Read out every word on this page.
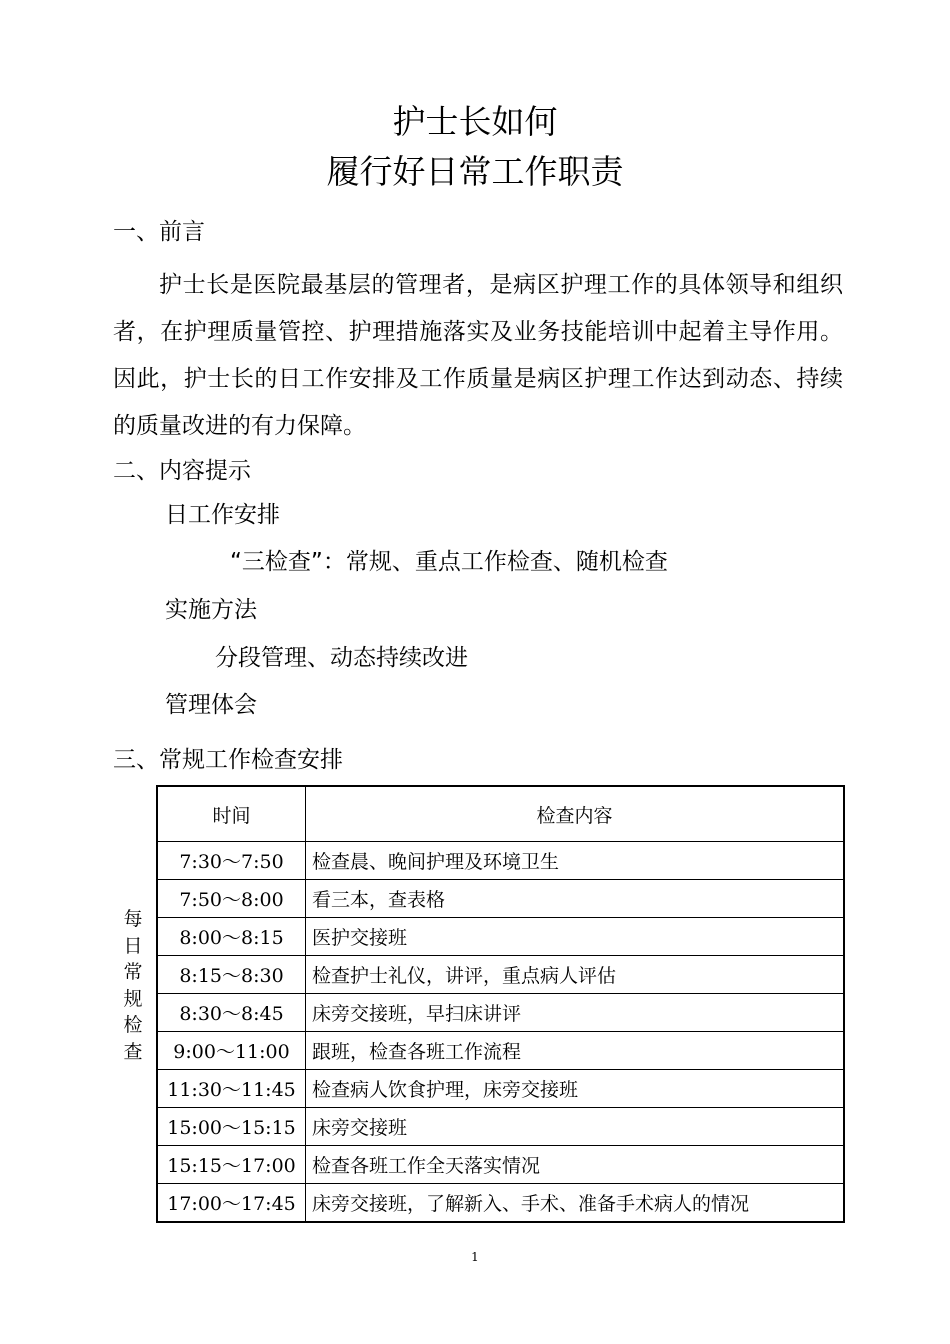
护士长如何
履行好日常工作职责
一、前言
护士长是医院最基层的管理者，是病区护理工作的具体领导和组织者，在护理质量管控、护理措施落实及业务技能培训中起着主导作用。因此，护士长的日工作安排及工作质量是病区护理工作达到动态、持续的质量改进的有力保障。
二、内容提示
日工作安排
“三检查”：常规、重点工作检查、随机检查
实施方法
分段管理、动态持续改进
管理体会
三、常规工作检查安排
每
日
常
规
检
查
时间	检查内容
7:30～7:50	检查晨、晚间护理及环境卫生
7:50～8:00	看三本，查表格
8:00～8:15	医护交接班
8:15～8:30	检查护士礼仪，讲评，重点病人评估
8:30～8:45	床旁交接班，早扫床讲评
9:00～11:00	跟班，检查各班工作流程
11:30～11:45	检查病人饮食护理，床旁交接班
15:00～15:15	床旁交接班
15:15～17:00	检查各班工作全天落实情况
17:00～17:45	床旁交接班，了解新入、手术、准备手术病人的情况
1
